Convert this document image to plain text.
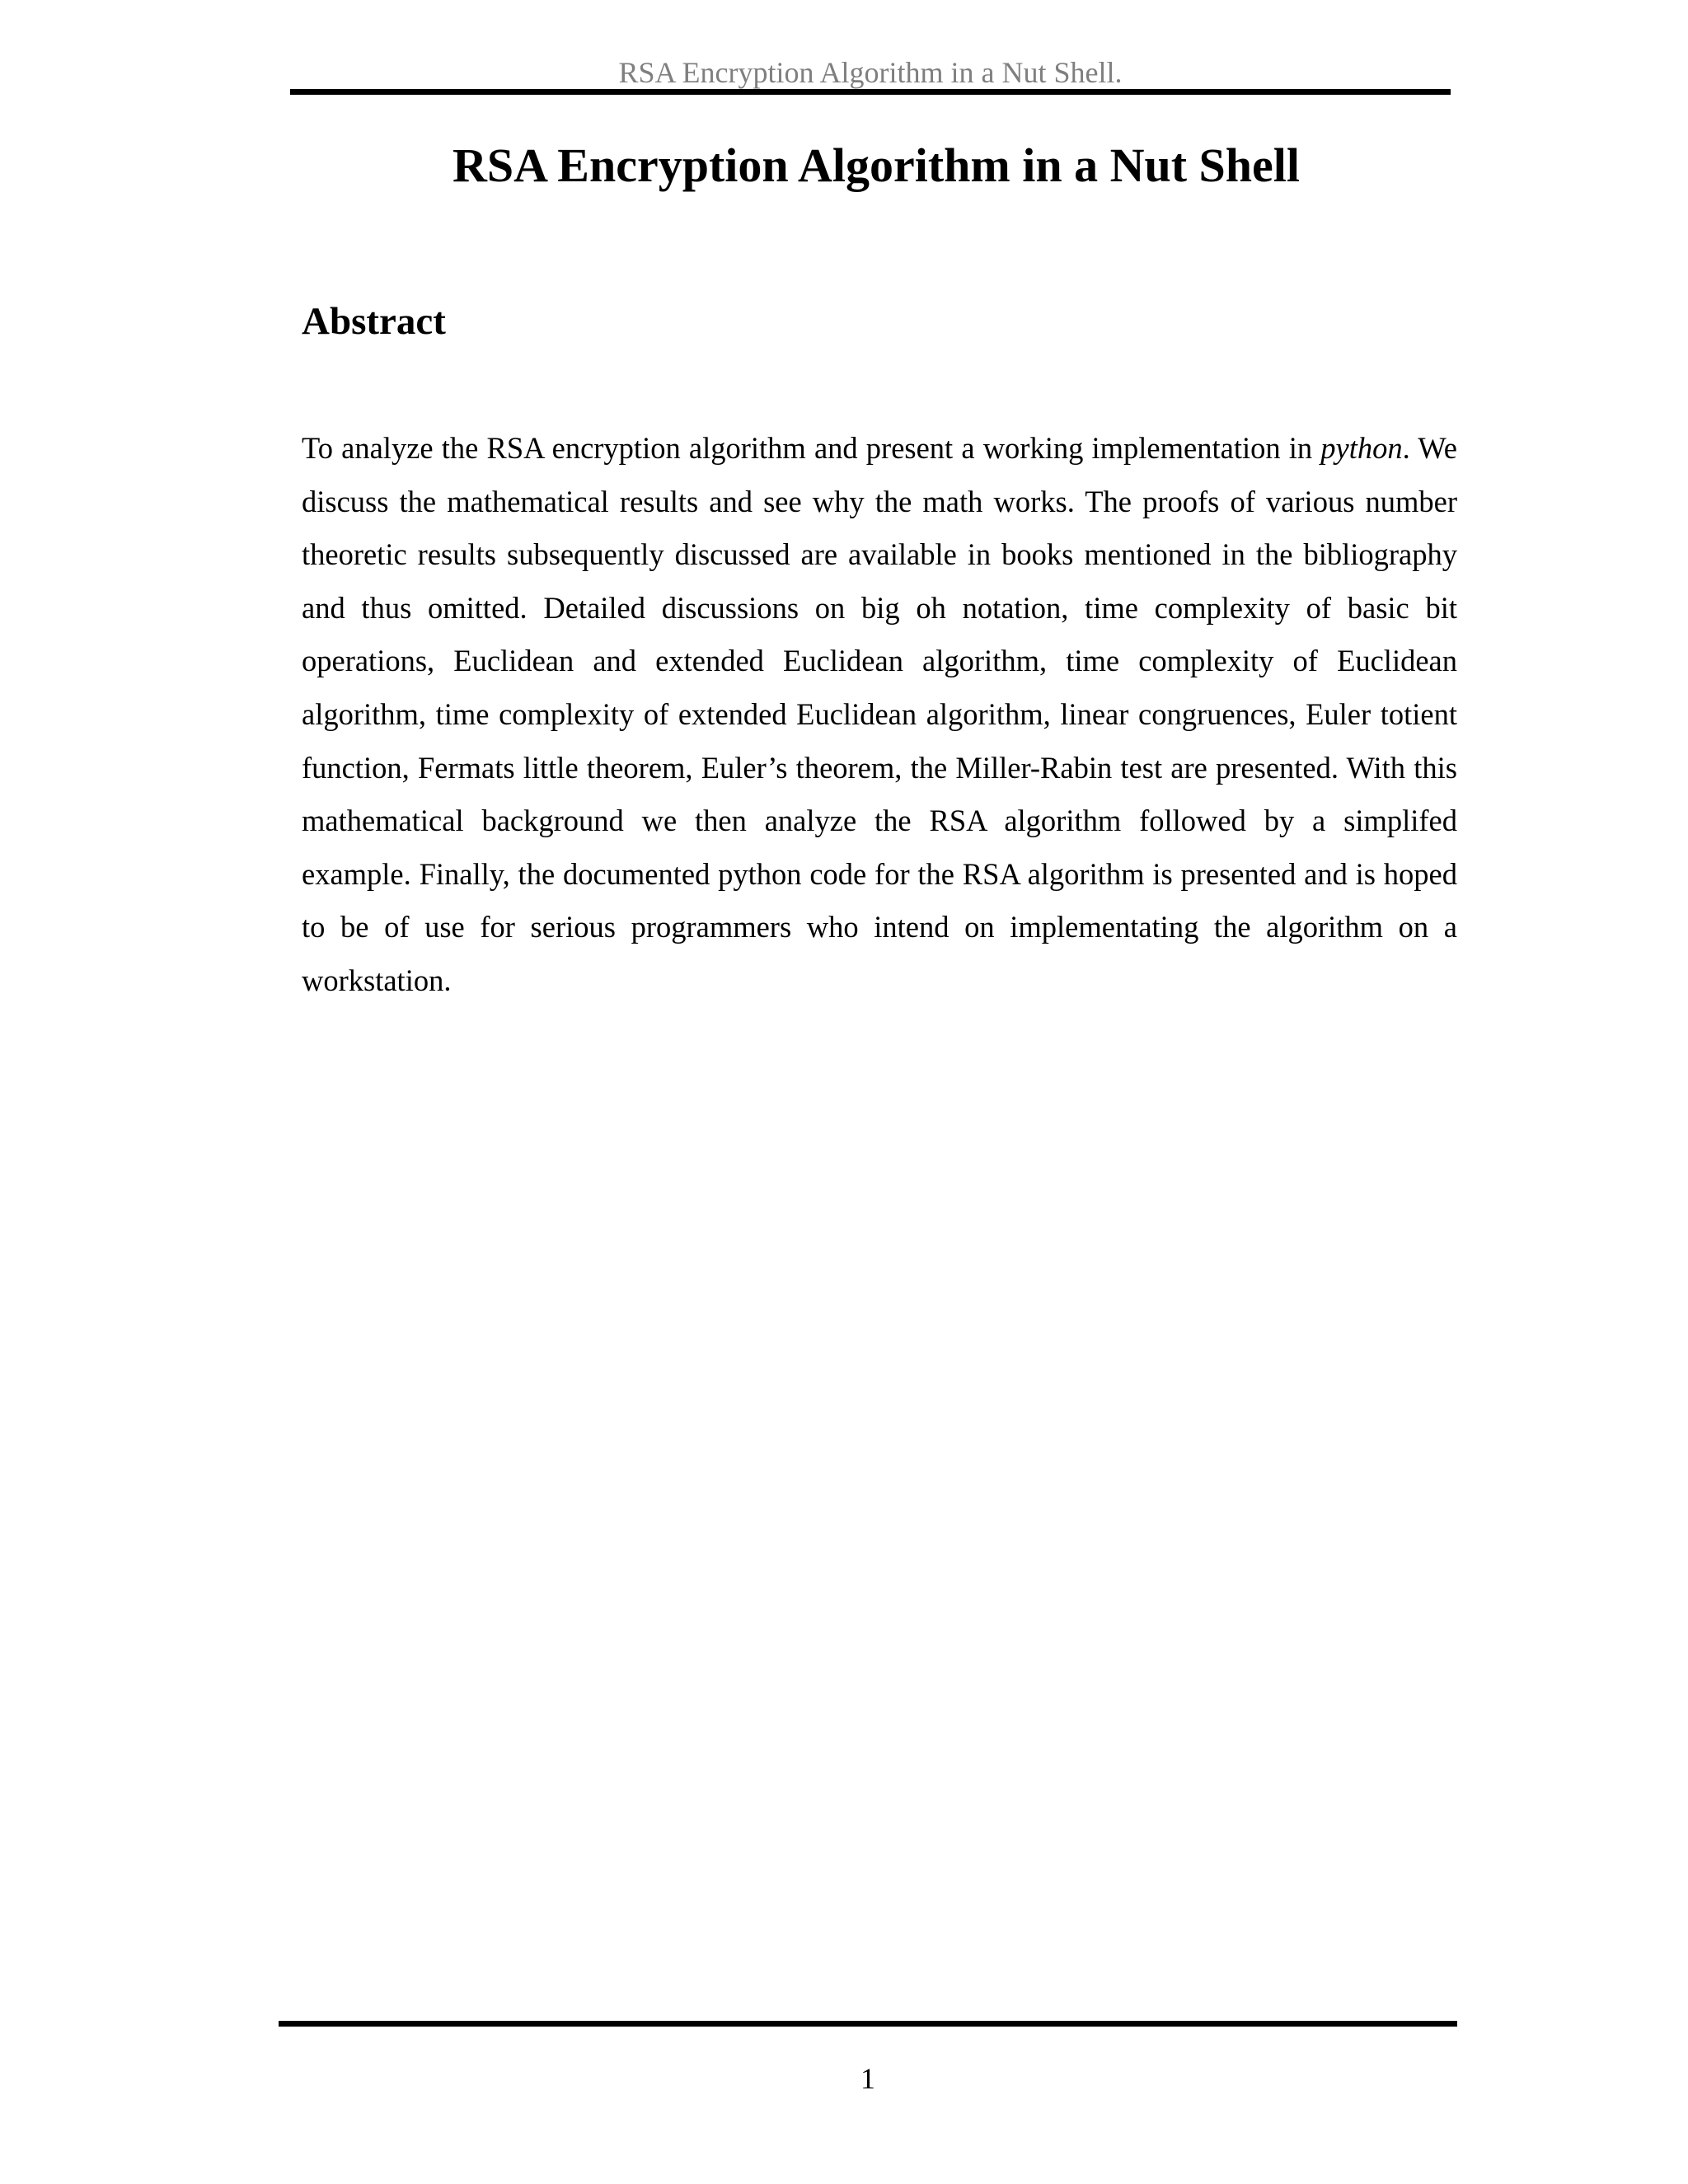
RSA Encryption Algorithm in a Nut Shell.
RSA Encryption Algorithm in a Nut Shell
Abstract

To analyze the RSA encryption algorithm and present a working implementation in python. We discuss the mathematical results and see why the math works. The proofs of various number theoretic results subsequently discussed are available in books mentioned in the bibliography and thus omitted. Detailed discussions on big oh notation, time complexity of basic bit operations, Euclidean and extended Euclidean algorithm, time complexity of Euclidean algorithm, time complexity of extended Euclidean algorithm, linear congruences, Euler totient function, Fermats little theorem, Euler’s theorem, the Miller-Rabin test are presented. With this mathematical background we then analyze the RSA algorithm followed by a simplifed example. Finally, the documented python code for the RSA algorithm is presented and is hoped to be of use for serious programmers who intend on implementating the algorithm on a workstation.

1
